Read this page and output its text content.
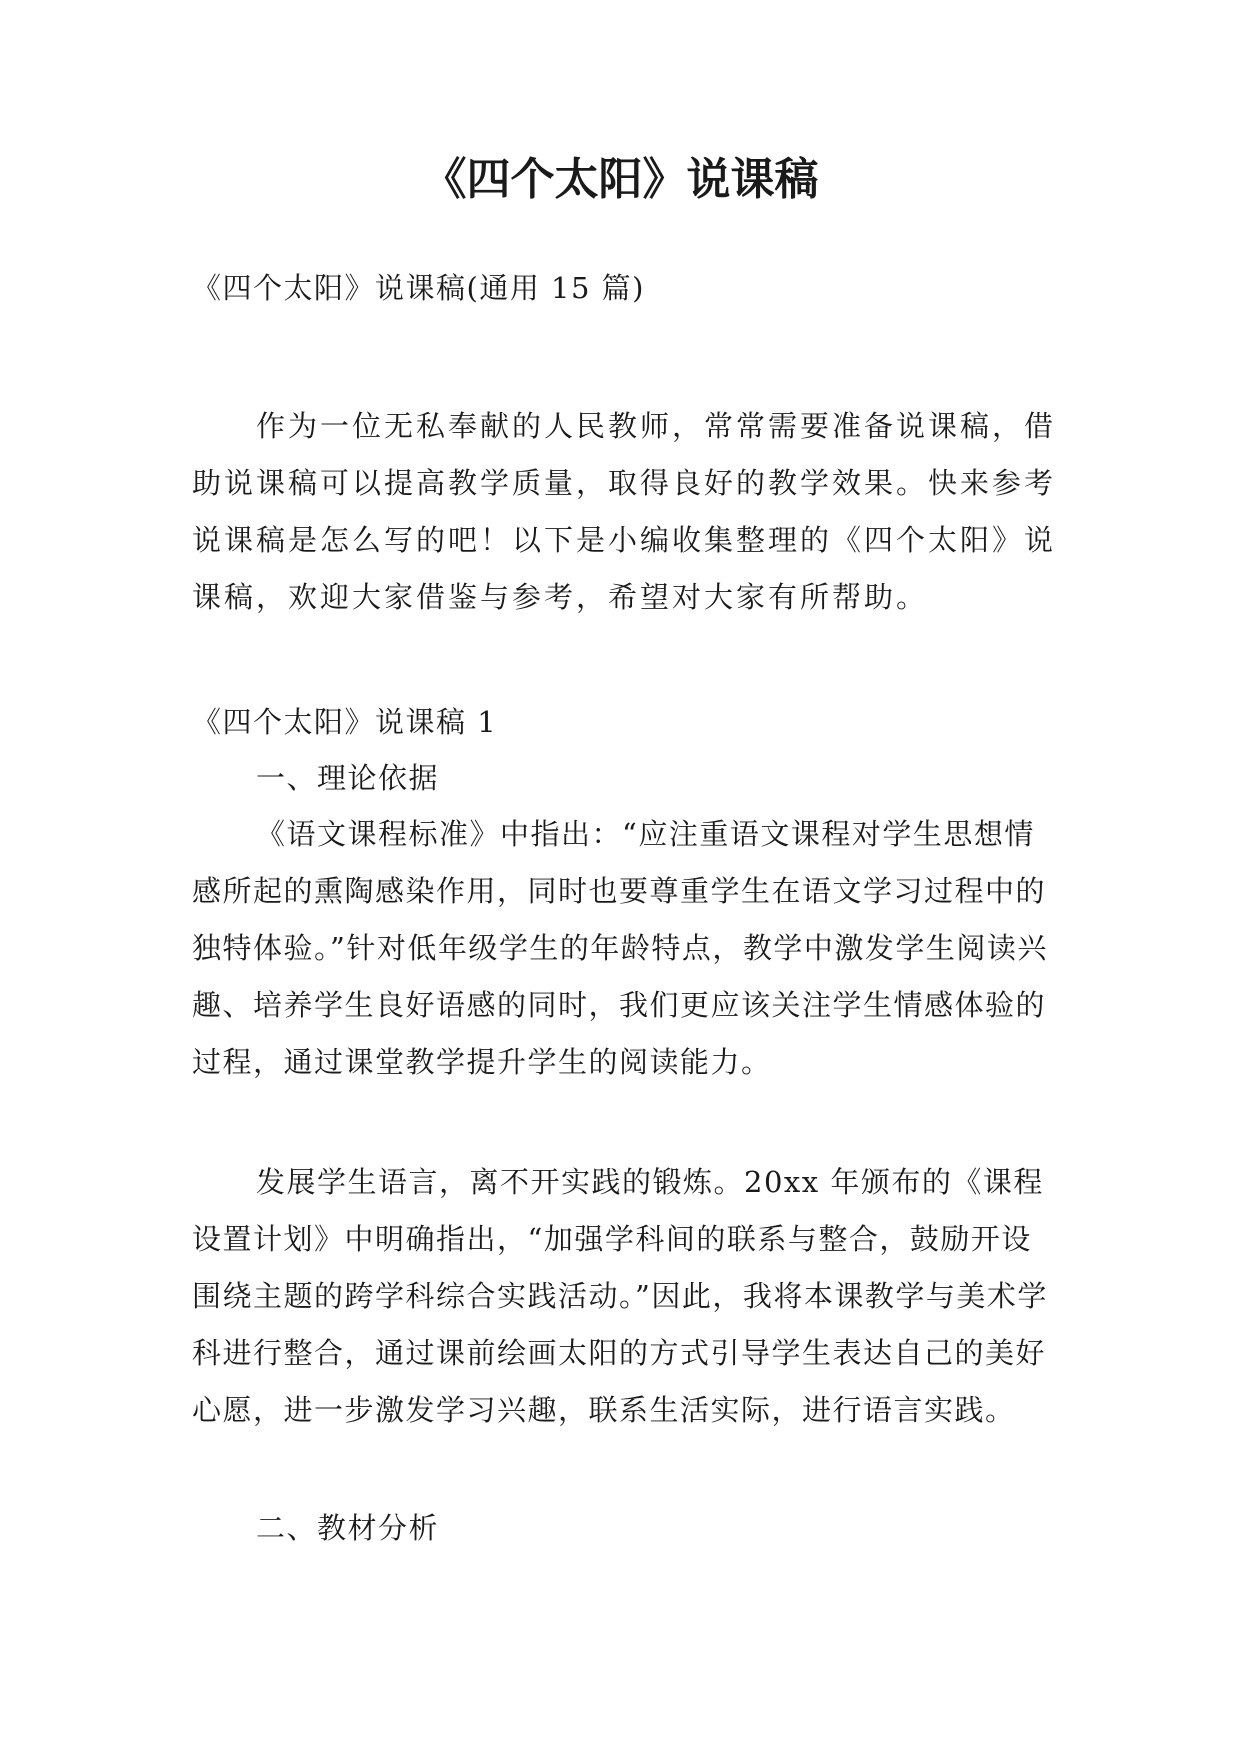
《四个太阳》说课稿

《四个太阳》说课稿(通用 15 篇)

作为一位无私奉献的人民教师，常常需要准备说课稿，借助说课稿可以提高教学质量，取得良好的教学效果。快来参考说课稿是怎么写的吧！以下是小编收集整理的《四个太阳》说课稿，欢迎大家借鉴与参考，希望对大家有所帮助。

《四个太阳》说课稿 1

一、理论依据

《语文课程标准》中指出：“应注重语文课程对学生思想情感所起的熏陶感染作用，同时也要尊重学生在语文学习过程中的独特体验。”针对低年级学生的年龄特点，教学中激发学生阅读兴趣、培养学生良好语感的同时，我们更应该关注学生情感体验的过程，通过课堂教学提升学生的阅读能力。

发展学生语言，离不开实践的锻炼。20xx 年颁布的《课程设置计划》中明确指出，“加强学科间的联系与整合，鼓励开设围绕主题的跨学科综合实践活动。”因此，我将本课教学与美术学科进行整合，通过课前绘画太阳的方式引导学生表达自己的美好心愿，进一步激发学习兴趣，联系生活实际，进行语言实践。

二、教材分析
